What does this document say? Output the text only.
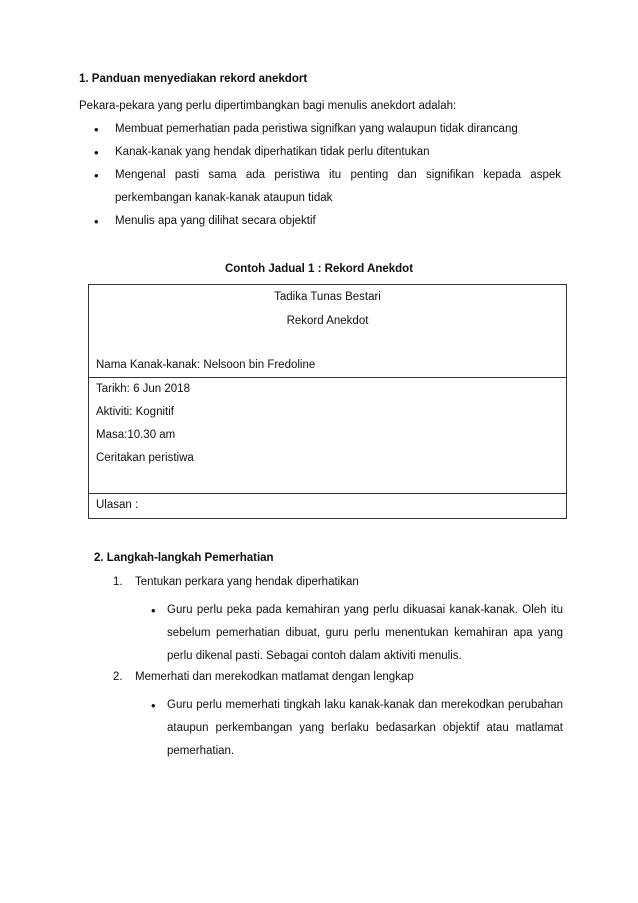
1. Panduan menyediakan rekord anekdort
Pekara-pekara yang perlu dipertimbangkan bagi menulis anekdort adalah:
• Membuat pemerhatian pada peristiwa signifkan yang walaupun tidak dirancang
• Kanak-kanak yang hendak diperhatikan tidak perlu ditentukan
• Mengenal pasti sama ada peristiwa itu penting dan signifikan kepada aspek perkembangan kanak-kanak ataupun tidak
• Menulis apa yang dilihat secara objektif
Contoh Jadual 1 : Rekord Anekdot
Tadika Tunas Bestari
Rekord Anekdot
Nama Kanak-kanak: Nelsoon bin Fredoline

Tarikh: 6 Jun 2018
Aktiviti: Kognitif
Masa:10.30 am
Ceritakan peristiwa

Ulasan :
2. Langkah-langkah Pemerhatian
1. Tentukan perkara yang hendak diperhatikan
• Guru perlu peka pada kemahiran yang perlu dikuasai kanak-kanak. Oleh itu sebelum pemerhatian dibuat, guru perlu menentukan kemahiran apa yang perlu dikenal pasti. Sebagai contoh dalam aktiviti menulis.
2. Memerhati dan merekodkan matlamat dengan lengkap
• Guru perlu memerhati tingkah laku kanak-kanak dan merekodkan perubahan ataupun perkembangan yang berlaku bedasarkan objektif atau matlamat pemerhatian.
